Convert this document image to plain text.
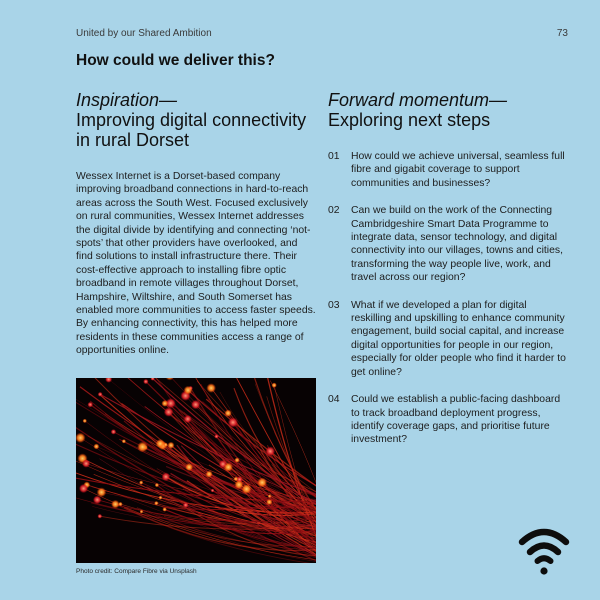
United by our Shared Ambition	73
How could we deliver this?
Inspiration—
Improving digital connectivity in rural Dorset

Wessex Internet is a Dorset-based company improving broadband connections in hard-to-reach areas across the South West. Focused exclusively on rural communities, Wessex Internet addresses the digital divide by identifying and connecting ‘not-spots’ that other providers have overlooked, and find solutions to install infrastructure there. Their cost-effective approach to installing fibre optic broadband in remote villages throughout Dorset, Hampshire, Wiltshire, and South Somerset has enabled more communities to access faster speeds. By enhancing connectivity, this has helped more residents in these communities access a range of opportunities online.

Forward momentum—
Exploring next steps
01	How could we achieve universal, seamless full fibre and gigabit coverage to support communities and businesses?
02	Can we build on the work of the Connecting Cambridgeshire Smart Data Programme to integrate data, sensor technology, and digital connectivity into our villages, towns and cities, transforming the way people live, work, and travel across our region?
03	What if we developed a plan for digital reskilling and upskilling to enhance community engagement, build social capital, and increase digital opportunities for people in our region, especially for older people who find it harder to get online?
04	Could we establish a public-facing dashboard to track broadband deployment progress, identify coverage gaps, and prioritise future investment?
Photo credit: Compare Fibre via Unsplash
